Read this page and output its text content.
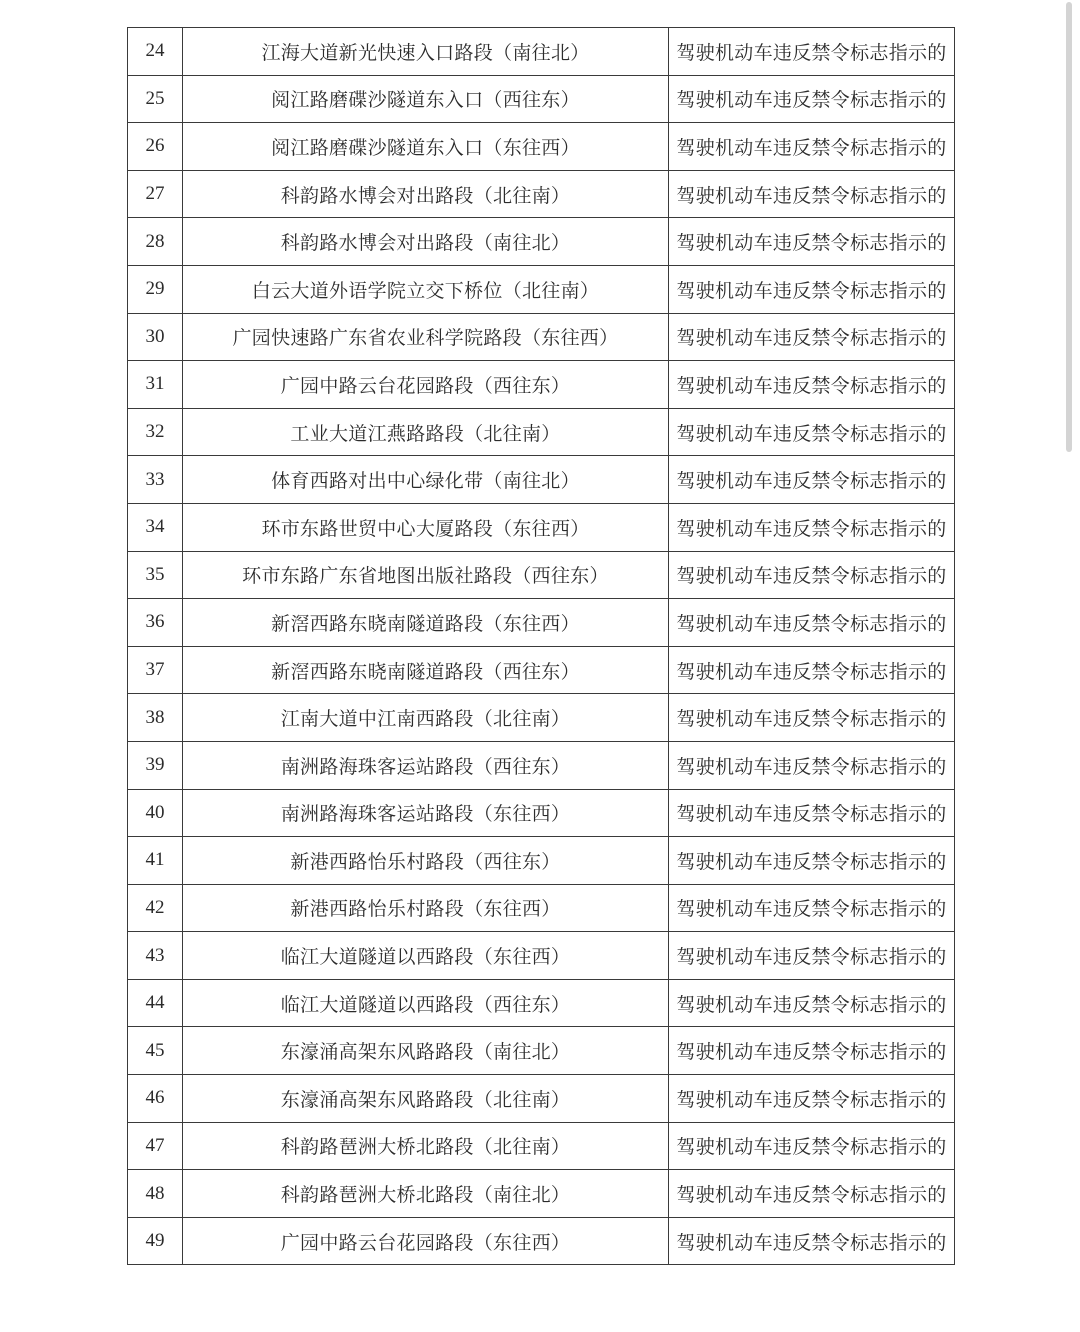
24	江海大道新光快速入口路段（南往北）	驾驶机动车违反禁令标志指示的
25	阅江路磨碟沙隧道东入口（西往东）	驾驶机动车违反禁令标志指示的
26	阅江路磨碟沙隧道东入口（东往西）	驾驶机动车违反禁令标志指示的
27	科韵路水博会对出路段（北往南）	驾驶机动车违反禁令标志指示的
28	科韵路水博会对出路段（南往北）	驾驶机动车违反禁令标志指示的
29	白云大道外语学院立交下桥位（北往南）	驾驶机动车违反禁令标志指示的
30	广园快速路广东省农业科学院路段（东往西）	驾驶机动车违反禁令标志指示的
31	广园中路云台花园路段（西往东）	驾驶机动车违反禁令标志指示的
32	工业大道江燕路路段（北往南）	驾驶机动车违反禁令标志指示的
33	体育西路对出中心绿化带（南往北）	驾驶机动车违反禁令标志指示的
34	环市东路世贸中心大厦路段（东往西）	驾驶机动车违反禁令标志指示的
35	环市东路广东省地图出版社路段（西往东）	驾驶机动车违反禁令标志指示的
36	新滘西路东晓南隧道路段（东往西）	驾驶机动车违反禁令标志指示的
37	新滘西路东晓南隧道路段（西往东）	驾驶机动车违反禁令标志指示的
38	江南大道中江南西路段（北往南）	驾驶机动车违反禁令标志指示的
39	南洲路海珠客运站路段（西往东）	驾驶机动车违反禁令标志指示的
40	南洲路海珠客运站路段（东往西）	驾驶机动车违反禁令标志指示的
41	新港西路怡乐村路段（西往东）	驾驶机动车违反禁令标志指示的
42	新港西路怡乐村路段（东往西）	驾驶机动车违反禁令标志指示的
43	临江大道隧道以西路段（东往西）	驾驶机动车违反禁令标志指示的
44	临江大道隧道以西路段（西往东）	驾驶机动车违反禁令标志指示的
45	东濠涌高架东风路路段（南往北）	驾驶机动车违反禁令标志指示的
46	东濠涌高架东风路路段（北往南）	驾驶机动车违反禁令标志指示的
47	科韵路琶洲大桥北路段（北往南）	驾驶机动车违反禁令标志指示的
48	科韵路琶洲大桥北路段（南往北）	驾驶机动车违反禁令标志指示的
49	广园中路云台花园路段（东往西）	驾驶机动车违反禁令标志指示的
